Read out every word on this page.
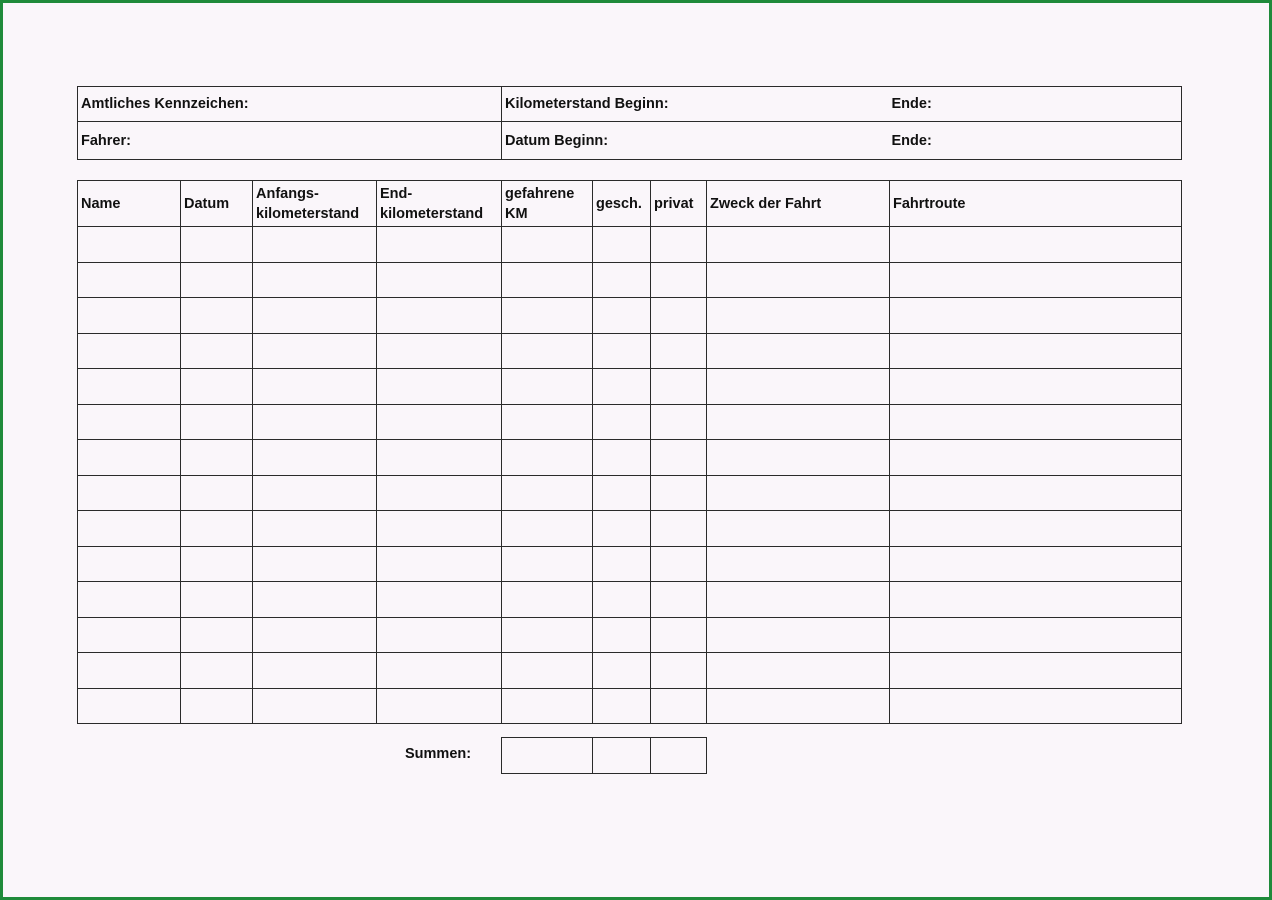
Amtliches Kennzeichen:	Kilometerstand Beginn:	Ende:
Fahrer:	Datum Beginn:	Ende:
Name	Datum	Anfangs- kilometerstand	End- kilometerstand	gefahrene KM	gesch.	privat	Zweck der Fahrt	Fahrtroute

Summen:
